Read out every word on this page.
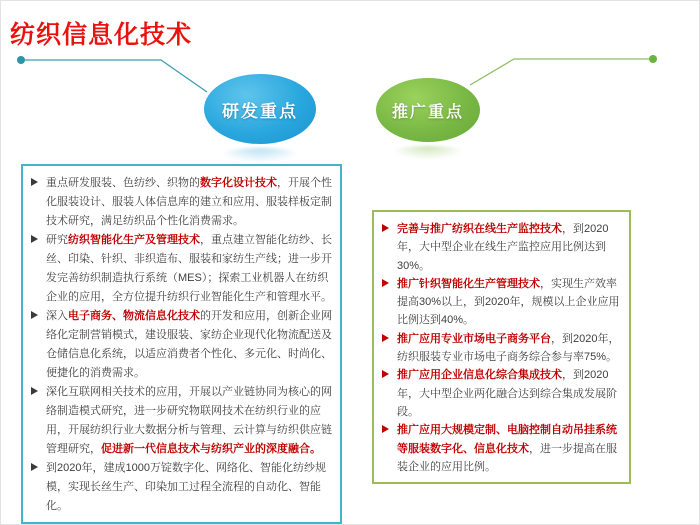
纺织信息化技术
研发重点	推广重点
重点研发服装、色纺纱、织物的数字化设计技术，开展个性化服装设计、服装人体信息库的建立和应用、服装样板定制技术研究，满足纺织品个性化消费需求。
研究纺织智能化生产及管理技术，重点建立智能化纺纱、长丝、印染、针织、非织造布、服装和家纺生产线；进一步开发完善纺织制造执行系统（MES）；探索工业机器人在纺织企业的应用，全方位提升纺织行业智能化生产和管理水平。
深入电子商务、物流信息化技术的开发和应用，创新企业网络化定制营销模式，建设服装、家纺企业现代化物流配送及仓储信息化系统，以适应消费者个性化、多元化、时尚化、便捷化的消费需求。
深化互联网相关技术的应用，开展以产业链协同为核心的网络制造模式研究，进一步研究物联网技术在纺织行业的应用，开展纺织行业大数据分析与管理、云计算与纺织供应链管理研究，促进新一代信息技术与纺织产业的深度融合。
到2020年，建成1000万锭数字化、网络化、智能化纺纱规模，实现长丝生产、印染加工过程全流程的自动化、智能化。
完善与推广纺织在线生产监控技术，到2020年，大中型企业在线生产监控应用比例达到30%。
推广针织智能化生产管理技术，实现生产效率提高30%以上，到2020年，规模以上企业应用比例达到40%。
推广应用专业市场电子商务平台，到2020年，纺织服装专业市场电子商务综合参与率75%。
推广应用企业信息化综合集成技术，到2020年，大中型企业两化融合达到综合集成发展阶段。
推广应用大规模定制、电脑控制自动吊挂系统等服装数字化、信息化技术，进一步提高在服装企业的应用比例。
